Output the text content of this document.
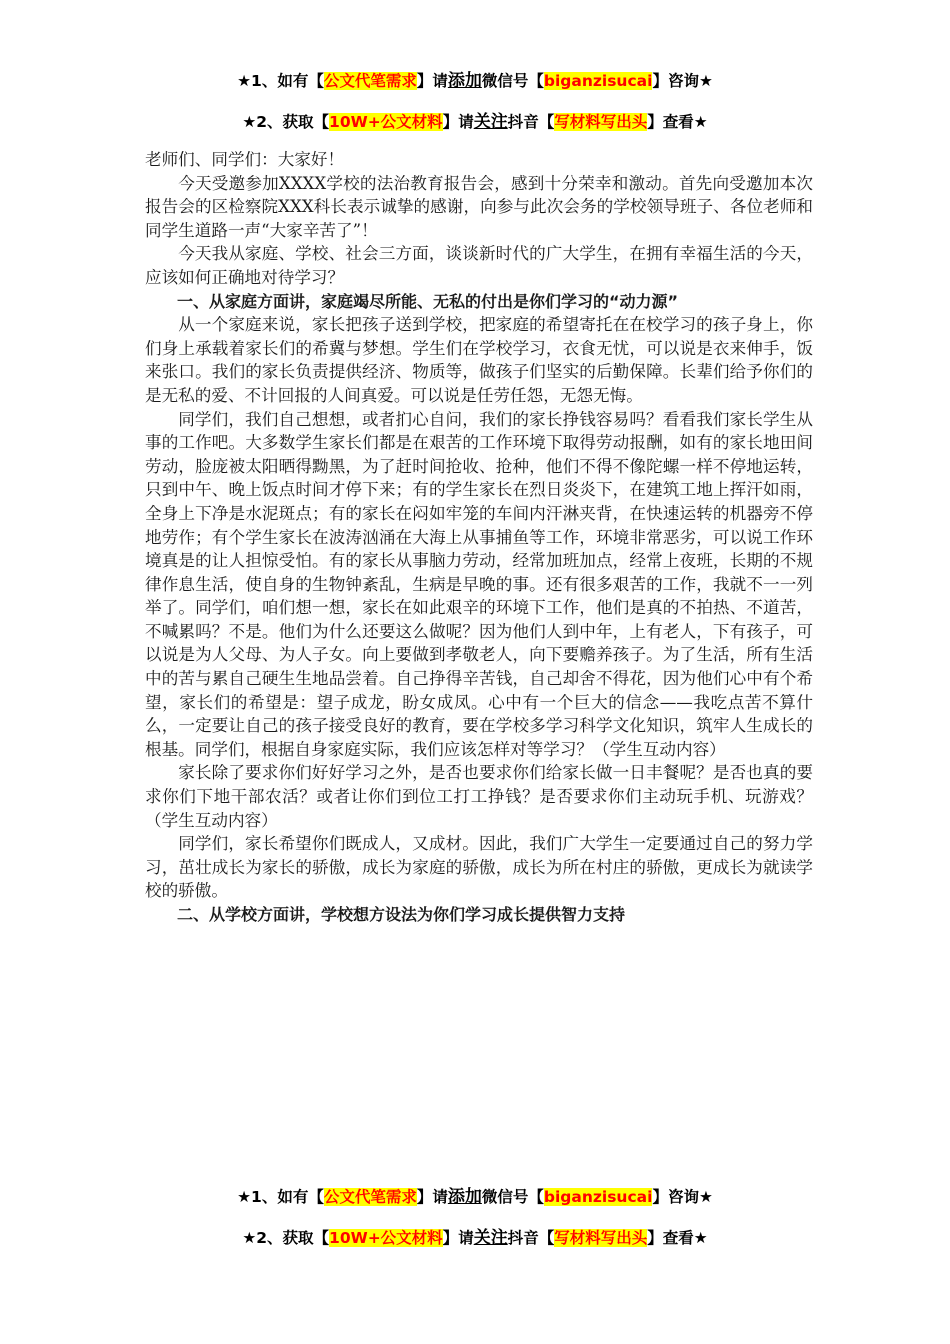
★1、如有【公文代笔需求】请添加微信号【biganzisucai】咨询★
★2、获取【10W+公文材料】请关注抖音【写材料写出头】查看★

老师们、同学们：大家好！

今天受邀参加XXXX学校的法治教育报告会，感到十分荣幸和激动。首先向受邀加本次报告会的区检察院XXX科长表示诚挚的感谢，向参与此次会务的学校领导班子、各位老师和同学生道路一声“大家辛苦了”！

今天我从家庭、学校、社会三方面，谈谈新时代的广大学生，在拥有幸福生活的今天，应该如何正确地对待学习？

一、从家庭方面讲，家庭竭尽所能、无私的付出是你们学习的“动力源”

从一个家庭来说，家长把孩子送到学校，把家庭的希望寄托在在校学习的孩子身上，你们身上承载着家长们的希冀与梦想。学生们在学校学习，衣食无忧，可以说是衣来伸手，饭来张口。我们的家长负责提供经济、物质等，做孩子们坚实的后勤保障。长辈们给予你们的是无私的爱、不计回报的人间真爱。可以说是任劳任怨，无怨无悔。

同学们，我们自己想想，或者扪心自问，我们的家长挣钱容易吗？看看我们家长学生从事的工作吧。大多数学生家长们都是在艰苦的工作环境下取得劳动报酬，如有的家长地田间劳动，脸庞被太阳晒得黝黑，为了赶时间抢收、抢种，他们不得不像陀螺一样不停地运转，只到中午、晚上饭点时间才停下来；有的学生家长在烈日炎炎下，在建筑工地上挥汗如雨，全身上下净是水泥斑点；有的家长在闷如牢笼的车间内汗淋夹背，在快速运转的机器旁不停地劳作；有个学生家长在波涛汹涌在大海上从事捕鱼等工作，环境非常恶劣，可以说工作环境真是的让人担惊受怕。有的家长从事脑力劳动，经常加班加点，经常上夜班，长期的不规律作息生活，使自身的生物钟紊乱，生病是早晚的事。还有很多艰苦的工作，我就不一一列举了。同学们，咱们想一想，家长在如此艰辛的环境下工作，他们是真的不拍热、不道苦，不喊累吗？不是。他们为什么还要这么做呢？因为他们人到中年，上有老人，下有孩子，可以说是为人父母、为人子女。向上要做到孝敬老人，向下要赡养孩子。为了生活，所有生活中的苦与累自己硬生生地品尝着。自己挣得辛苦钱，自己却舍不得花，因为他们心中有个希望，家长们的希望是：望子成龙，盼女成凤。心中有一个巨大的信念——我吃点苦不算什么，一定要让自己的孩子接受良好的教育，要在学校多学习科学文化知识，筑牢人生成长的根基。同学们，根据自身家庭实际，我们应该怎样对等学习？（学生互动内容）

家长除了要求你们好好学习之外，是否也要求你们给家长做一日丰餐呢？是否也真的要求你们下地干部农活？或者让你们到位工打工挣钱？是否要求你们主动玩手机、玩游戏？（学生互动内容）

同学们，家长希望你们既成人，又成材。因此，我们广大学生一定要通过自己的努力学习，茁壮成长为家长的骄傲，成长为家庭的骄傲，成长为所在村庄的骄傲，更成长为就读学校的骄傲。

二、从学校方面讲，学校想方设法为你们学习成长提供智力支持

★1、如有【公文代笔需求】请添加微信号【biganzisucai】咨询★
★2、获取【10W+公文材料】请关注抖音【写材料写出头】查看★
